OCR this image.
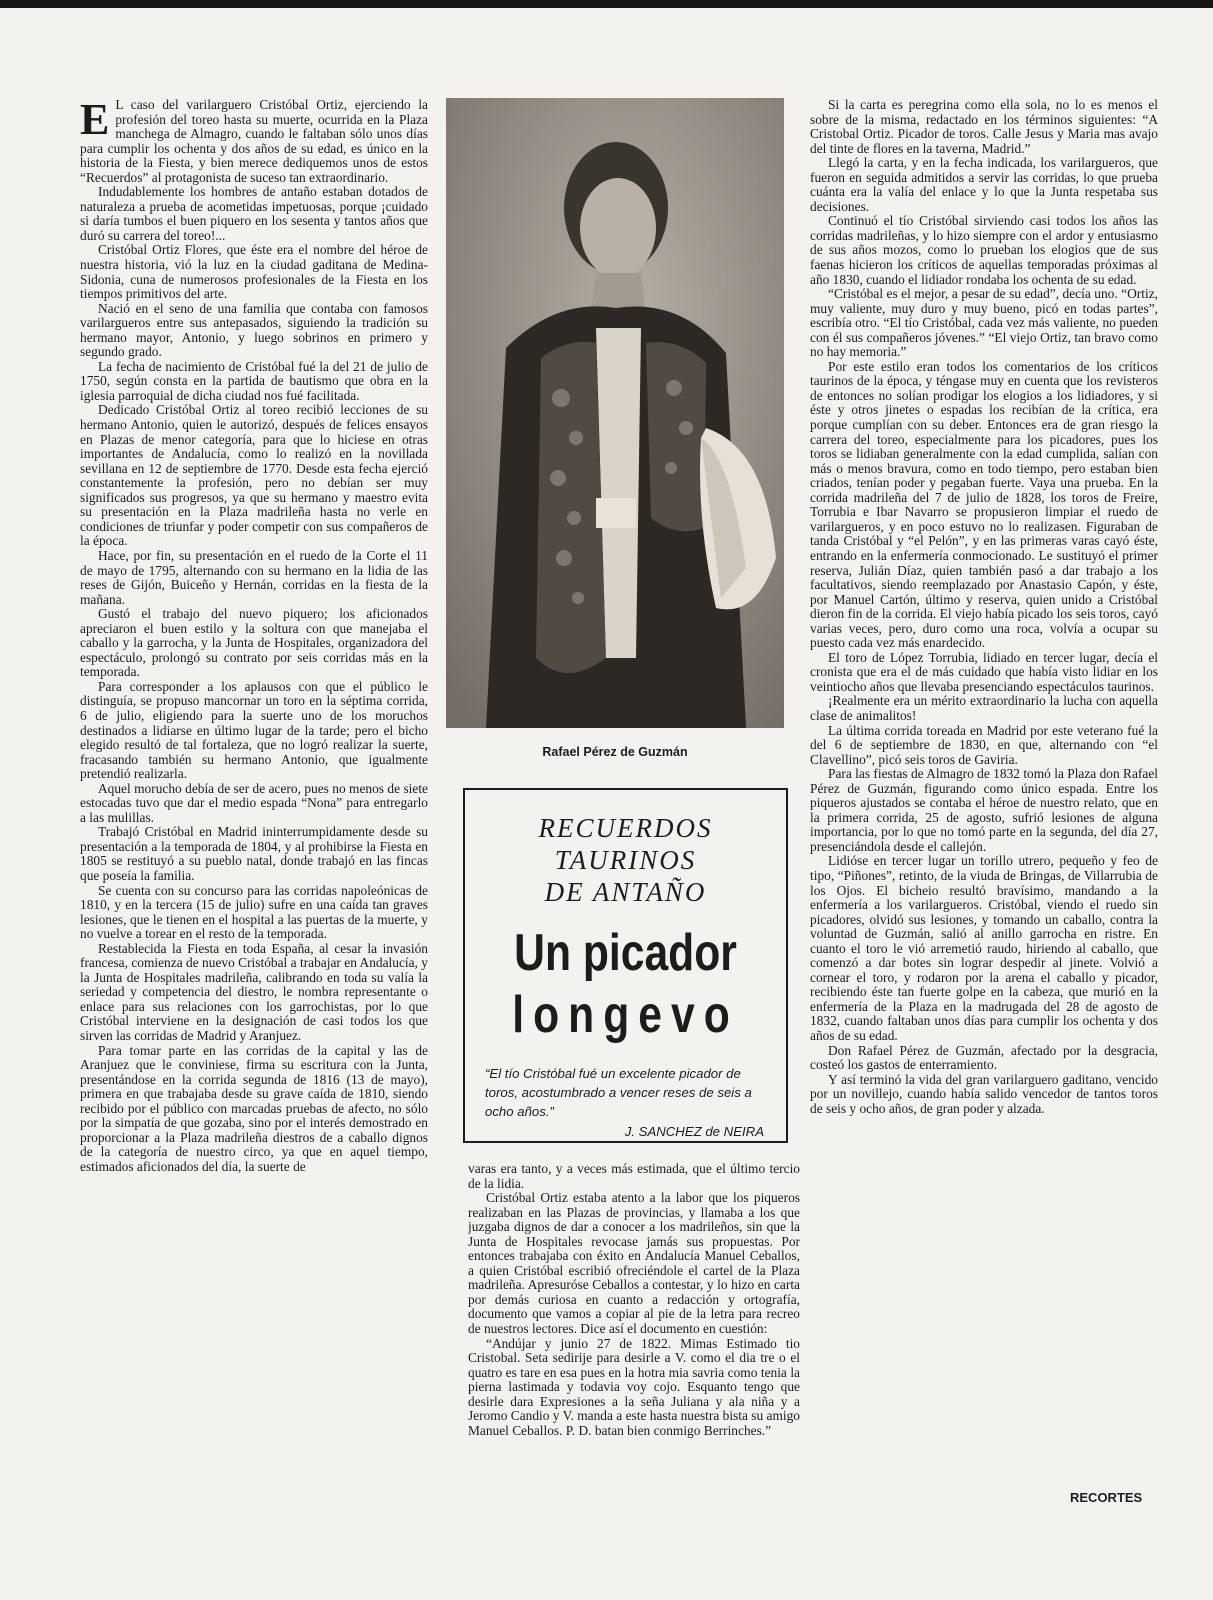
E L caso del varilarguero Cristóbal Ortiz, ejerciendo la profesión del toreo hasta su muerte, ocurrida en la Plaza manchega de Almagro, cuando le faltaban sólo unos días para cumplir los ochenta y dos años de su edad, es único en la historia de la Fiesta, y bien merece dediquemos unos de estos “Recuerdos” al protagonista de suceso tan extraordinario.

Indudablemente los hombres de antaño estaban dotados de naturaleza a prueba de acometidas impetuosas, porque ¡cuidado si daría tumbos el buen piquero en los sesenta y tantos años que duró su carrera del toreo!...

Cristóbal Ortiz Flores, que éste era el nombre del héroe de nuestra historia, vió la luz en la ciudad gaditana de Medina-Sidonia, cuna de numerosos profesionales de la Fiesta en los tiempos primitivos del arte.

Nació en el seno de una familia que contaba con famosos varilargueros entre sus antepasados, siguiendo la tradición su hermano mayor, Antonio, y luego sobrinos en primero y segundo grado.

La fecha de nacimiento de Cristóbal fué la del 21 de julio de 1750, según consta en la partida de bautismo que obra en la iglesia parroquial de dicha ciudad nos fué facilitada.

Dedicado Cristóbal Ortiz al toreo recibió lecciones de su hermano Antonio, quien le autorizó, después de felices ensayos en Plazas de menor categoría, para que lo hiciese en otras importantes de Andalucía, como lo realizó en la novillada sevillana en 12 de septiembre de 1770. Desde esta fecha ejerció constantemente la profesión, pero no debían ser muy significados sus progresos, ya que su hermano y maestro evita su presentación en la Plaza madrileña hasta no verle en condiciones de triunfar y poder competir con sus compañeros de la época.

Hace, por fin, su presentación en el ruedo de la Corte el 11 de mayo de 1795, alternando con su hermano en la lidia de las reses de Gijón, Buiceño y Hernán, corridas en la fiesta de la mañana.

Gustó el trabajo del nuevo piquero; los aficionados apreciaron el buen estilo y la soltura con que manejaba el caballo y la garrocha, y la Junta de Hospitales, organizadora del espectáculo, prolongó su contrato por seis corridas más en la temporada.

Para corresponder a los aplausos con que el público le distinguía, se propuso mancornar un toro en la séptima corrida, 6 de julio, eligiendo para la suerte uno de los moruchos destinados a lidiarse en último lugar de la tarde; pero el bicho elegido resultó de tal fortaleza, que no logró realizar la suerte, fracasando también su hermano Antonio, que igualmente pretendió realizarla.

Aquel morucho debía de ser de acero, pues no menos de siete estocadas tuvo que dar el medio espada “Nona” para entregarlo a las mulillas.

Trabajó Cristóbal en Madrid ininterrumpidamente desde su presentación a la temporada de 1804, y al prohibirse la Fiesta en 1805 se restituyó a su pueblo natal, donde trabajó en las fincas que poseía la familia.

Se cuenta con su concurso para las corridas napoleónicas de 1810, y en la tercera (15 de julio) sufre en una caída tan graves lesiones, que le tienen en el hospital a las puertas de la muerte, y no vuelve a torear en el resto de la temporada.

Restablecida la Fiesta en toda España, al cesar la invasión francesa, comienza de nuevo Cristóbal a trabajar en Andalucía, y la Junta de Hospitales madrileña, calibrando en toda su valía la seriedad y competencia del diestro, le nombra representante o enlace para sus relaciones con los garrochistas, por lo que Cristóbal interviene en la designación de casi todos los que sirven las corridas de Madrid y Aranjuez.

Para tomar parte en las corridas de la capital y las de Aranjuez que le conviniese, firma su escritura con la Junta, presentándose en la corrida segunda de 1816 (13 de mayo), primera en que trabajaba desde su grave caída de 1810, siendo recibido por el público con marcadas pruebas de afecto, no sólo por la simpatía de que gozaba, sino por el interés demostrado en proporcionar a la Plaza madrileña diestros de a caballo dignos de la categoría de nuestro circo, ya que en aquel tiempo, estimados aficionados del día, la suerte de

Rafael Pérez de Guzmán
RECUERDOS TAURINOS
DE ANTAÑO
Un picador
longevo
“El tío Cristóbal fué un excelente picador de toros, acostumbrado a vencer reses de seis a ocho años.”
J. SANCHEZ de NEIRA

varas era tanto, y a veces más estimada, que el último tercio de la lidia.

Cristóbal Ortiz estaba atento a la labor que los piqueros realizaban en las Plazas de provincias, y llamaba a los que juzgaba dignos de dar a conocer a los madrileños, sin que la Junta de Hospitales revocase jamás sus propuestas. Por entonces trabajaba con éxito en Andalucía Manuel Ceballos, a quien Cristóbal escribió ofreciéndole el cartel de la Plaza madrileña. Apresuróse Ceballos a contestar, y lo hizo en carta por demás curiosa en cuanto a redacción y ortografía, documento que vamos a copiar al pie de la letra para recreo de nuestros lectores. Dice así el documento en cuestión:

“Andújar y junio 27 de 1822. Mimas Estimado tio Cristobal. Seta sedirije para desirle a V. como el dia tre o el quatro es tare en esa pues en la hotra mia savria como tenia la pierna lastimada y todavia voy cojo. Esquanto tengo que desirle dara Expresiones a la seña Juliana y ala niña y a Jeromo Candio y V. manda a este hasta nuestra bista su amigo Manuel Ceballos. P. D. batan bien conmigo Berrinches.”

Si la carta es peregrina como ella sola, no lo es menos el sobre de la misma, redactado en los términos siguientes: “A Cristobal Ortiz. Picador de toros. Calle Jesus y Maria mas avajo del tinte de flores en la taverna, Madrid.”

Llegó la carta, y en la fecha indicada, los varilargueros, que fueron en seguida admitidos a servir las corridas, lo que prueba cuánta era la valía del enlace y lo que la Junta respetaba sus decisiones.

Continuó el tío Cristóbal sirviendo casi todos los años las corridas madrileñas, y lo hizo siempre con el ardor y entusiasmo de sus años mozos, como lo prueban los elogios que de sus faenas hicieron los críticos de aquellas temporadas próximas al año 1830, cuando el lidiador rondaba los ochenta de su edad.

“Cristóbal es el mejor, a pesar de su edad”, decía uno. “Ortiz, muy valiente, muy duro y muy bueno, picó en todas partes”, escribía otro. “El tío Cristóbal, cada vez más valiente, no pueden con él sus compañeros jóvenes.” “El viejo Ortiz, tan bravo como no hay memoria.”

Por este estilo eran todos los comentarios de los críticos taurinos de la época, y téngase muy en cuenta que los revisteros de entonces no solían prodigar los elogios a los lidiadores, y si éste y otros jinetes o espadas los recibían de la crítica, era porque cumplían con su deber. Entonces era de gran riesgo la carrera del toreo, especialmente para los picadores, pues los toros se lidiaban generalmente con la edad cumplida, salían con más o menos bravura, como en todo tiempo, pero estaban bien criados, tenían poder y pegaban fuerte. Vaya una prueba. En la corrida madrileña del 7 de julio de 1828, los toros de Freire, Torrubia e Ibar Navarro se propusieron limpiar el ruedo de varilargueros, y en poco estuvo no lo realizasen. Figuraban de tanda Cristóbal y “el Pelón”, y en las primeras varas cayó éste, entrando en la enfermería conmocionado. Le sustituyó el primer reserva, Julián Díaz, quien también pasó a dar trabajo a los facultativos, siendo reemplazado por Anastasio Capón, y éste, por Manuel Cartón, último y reserva, quien unido a Cristóbal dieron fin de la corrida. El viejo había picado los seis toros, cayó varias veces, pero, duro como una roca, volvía a ocupar su puesto cada vez más enardecido.

El toro de López Torrubia, lidiado en tercer lugar, decía el cronista que era el de más cuidado que había visto lidiar en los veintiocho años que llevaba presenciando espectáculos taurinos.

¡Realmente era un mérito extraordinario la lucha con aquella clase de animalitos!

La última corrida toreada en Madrid por este veterano fué la del 6 de septiembre de 1830, en que, alternando con “el Clavellino”, picó seis toros de Gaviria.

Para las fiestas de Almagro de 1832 tomó la Plaza don Rafael Pérez de Guzmán, figurando como único espada. Entre los piqueros ajustados se contaba el héroe de nuestro relato, que en la primera corrida, 25 de agosto, sufrió lesiones de alguna importancia, por lo que no tomó parte en la segunda, del día 27, presenciándola desde el callejón.

Lidióse en tercer lugar un torillo utrero, pequeño y feo de tipo, “Piñones”, retinto, de la viuda de Bringas, de Villarrubia de los Ojos. El bicheio resultó bravísimo, mandando a la enfermería a los varilargueros. Cristóbal, viendo el ruedo sin picadores, olvidó sus lesiones, y tomando un caballo, contra la voluntad de Guzmán, salió al anillo garrocha en ristre. En cuanto el toro le vió arremetió raudo, hiriendo al caballo, que comenzó a dar botes sin lograr despedir al jinete. Volvió a cornear el toro, y rodaron por la arena el caballo y picador, recibiendo éste tan fuerte golpe en la cabeza, que murió en la enfermería de la Plaza en la madrugada del 28 de agosto de 1832, cuando faltaban unos días para cumplir los ochenta y dos años de su edad.

Don Rafael Pérez de Guzmán, afectado por la desgracia, costeó los gastos de enterramiento.

Y así terminó la vida del gran varilarguero gaditano, vencido por un novillejo, cuando había salido vencedor de tantos toros de seis y ocho años, de gran poder y alzada.

RECORTES
